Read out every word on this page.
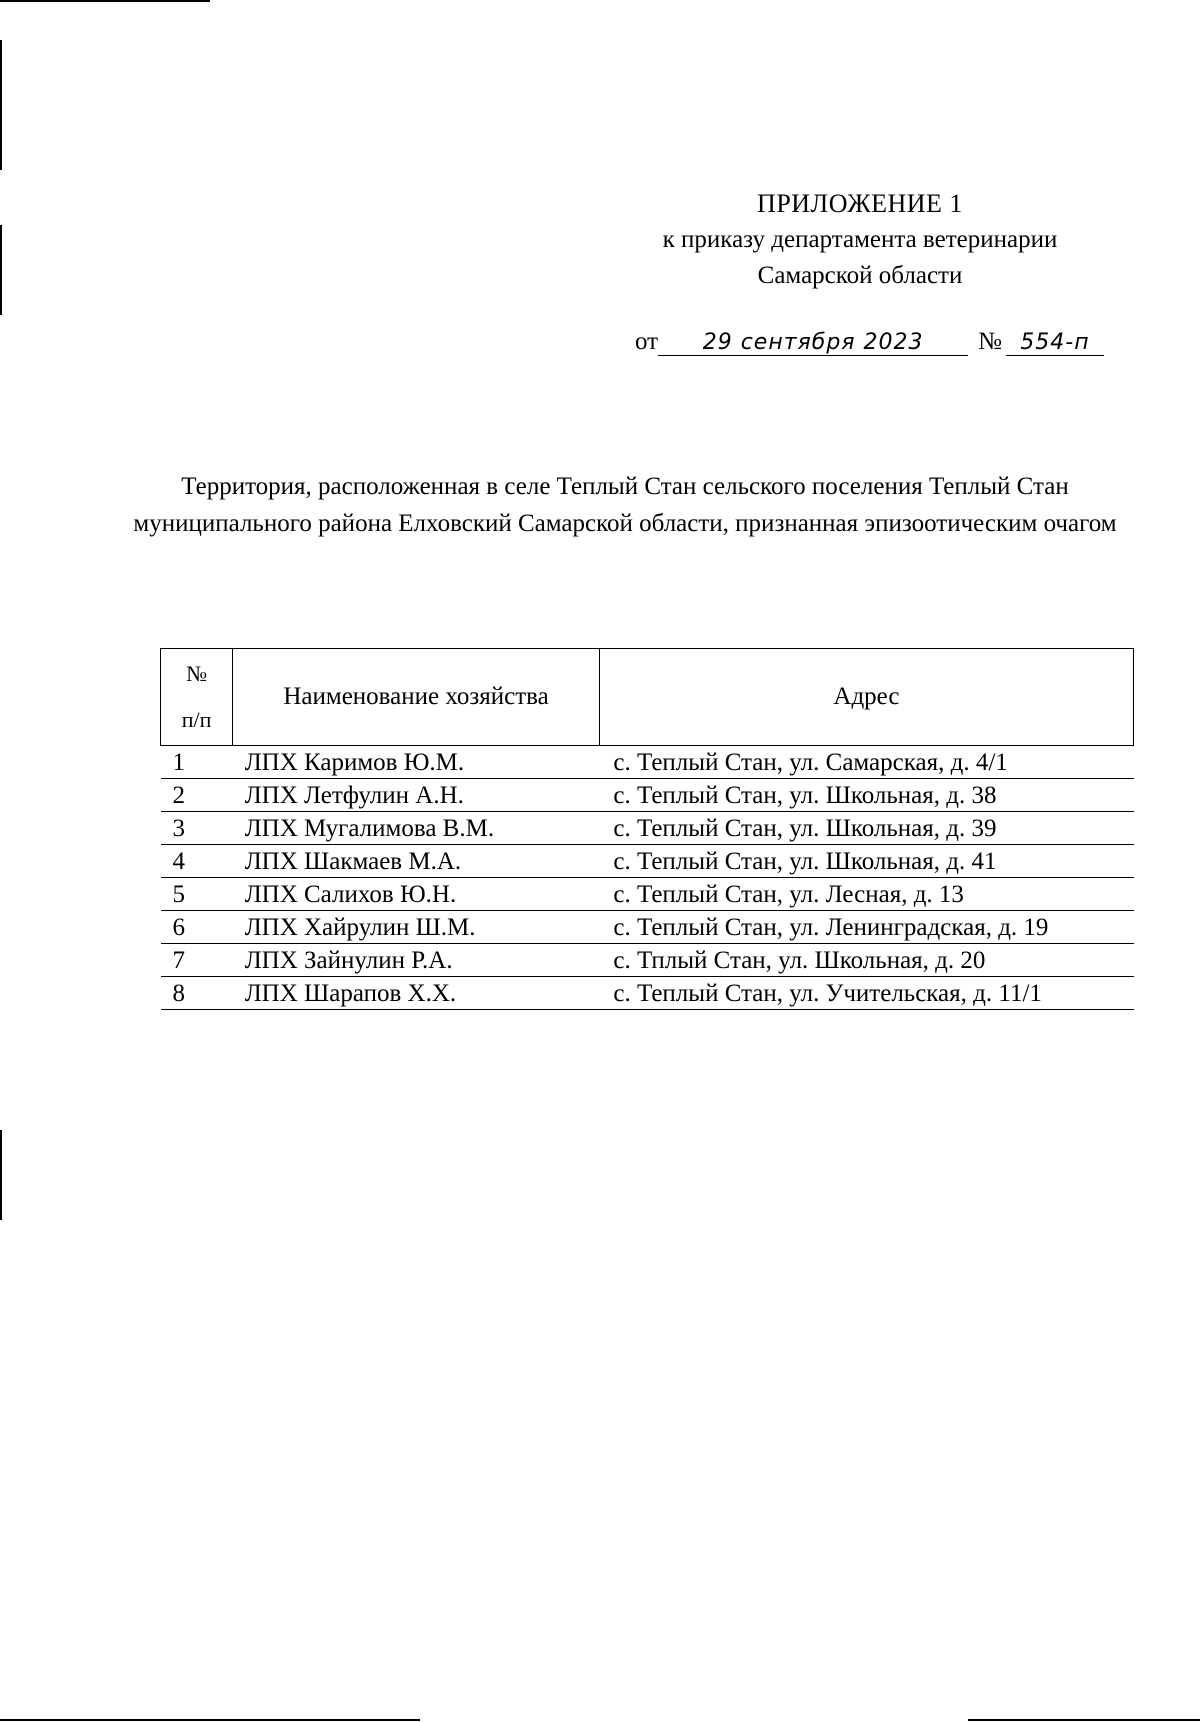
ПРИЛОЖЕНИЕ 1
к приказу департамента ветеринарии
Самарской области
от 29 сентября 2023 № 554-п
Территория, расположенная в селе Теплый Стан сельского поселения Теплый Стан муниципального района Елховский Самарской области, признанная эпизоотическим очагом
№
п/п	Наименование хозяйства	Адрес
1	ЛПХ Каримов Ю.М.	с. Теплый Стан, ул. Самарская, д. 4/1
2	ЛПХ Летфулин А.Н.	с. Теплый Стан, ул. Школьная, д. 38
3	ЛПХ Мугалимова В.М.	с. Теплый Стан, ул. Школьная, д. 39
4	ЛПХ Шакмаев М.А.	с. Теплый Стан, ул. Школьная, д. 41
5	ЛПХ Салихов Ю.Н.	с. Теплый Стан, ул. Лесная, д. 13
6	ЛПХ Хайрулин Ш.М.	с. Теплый Стан, ул. Ленинградская, д. 19
7	ЛПХ Зайнулин Р.А.	с. Тплый Стан, ул. Школьная, д. 20
8	ЛПХ Шарапов Х.Х.	с. Теплый Стан, ул. Учительская, д. 11/1
